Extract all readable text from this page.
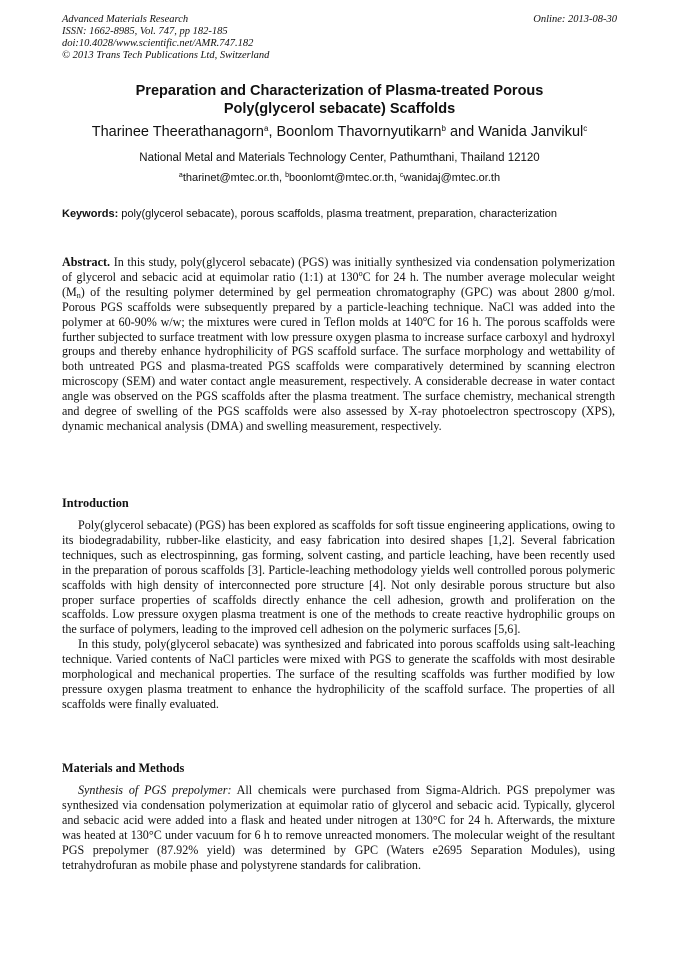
Advanced Materials Research
ISSN: 1662-8985, Vol. 747, pp 182-185
doi:10.4028/www.scientific.net/AMR.747.182
© 2013 Trans Tech Publications Ltd, Switzerland
Online: 2013-08-30
Preparation and Characterization of Plasma-treated Porous
Poly(glycerol sebacate) Scaffolds
Tharinee Theerathanagorn$^a$, Boonlom Thavornyutikarn$^b$ and Wanida Janvikul$^c$
National Metal and Materials Technology Center, Pathumthani, Thailand 12120
$^a$tharinet@mtec.or.th, $^b$boonlomt@mtec.or.th, $^c$wanidaj@mtec.or.th
Keywords: poly(glycerol sebacate), porous scaffolds, plasma treatment, preparation, characterization
Abstract. In this study, poly(glycerol sebacate) (PGS) was initially synthesized via condensation polymerization of glycerol and sebacic acid at equimolar ratio (1:1) at 130$^o$C for 24 h. The number average molecular weight $(M_n)$ of the resulting polymer determined by gel permeation chromatography (GPC) was about 2800 g/mol. Porous PGS scaffolds were subsequently prepared by a particle-leaching technique. NaCl was added into the polymer at 60-90% w/w; the mixtures were cured in Teflon molds at 140$^o$C for 16 h. The porous scaffolds were further subjected to surface treatment with low pressure oxygen plasma to increase surface carboxyl and hydroxyl groups and thereby enhance hydrophilicity of PGS scaffold surface. The surface morphology and wettability of both untreated PGS and plasma-treated PGS scaffolds were comparatively determined by scanning electron microscopy (SEM) and water contact angle measurement, respectively. A considerable decrease in water contact angle was observed on the PGS scaffolds after the plasma treatment. The surface chemistry, mechanical strength and degree of swelling of the PGS scaffolds were also assessed by X-ray photoelectron spectroscopy (XPS), dynamic mechanical analysis (DMA) and swelling measurement, respectively.
Introduction

Poly(glycerol sebacate) (PGS) has been explored as scaffolds for soft tissue engineering applications, owing to its biodegradability, rubber-like elasticity, and easy fabrication into desired shapes [1,2]. Several fabrication techniques, such as electrospinning, gas forming, solvent casting, and particle leaching, have been recently used in the preparation of porous scaffolds [3]. Particle-leaching methodology yields well controlled porous polymeric scaffolds with high density of interconnected pore structure [4]. Not only desirable porous structure but also proper surface properties of scaffolds directly enhance the cell adhesion, growth and proliferation on the scaffolds. Low pressure oxygen plasma treatment is one of the methods to create reactive hydrophilic groups on the surface of polymers, leading to the improved cell adhesion on the polymeric surfaces [5,6].

In this study, poly(glycerol sebacate) was synthesized and fabricated into porous scaffolds using salt-leaching technique. Varied contents of NaCl particles were mixed with PGS to generate the scaffolds with most desirable morphological and mechanical properties. The surface of the resulting scaffolds was further modified by low pressure oxygen plasma treatment to enhance the hydrophilicity of the scaffold surface. The properties of all scaffolds were finally evaluated.

Materials and Methods

Synthesis of PGS prepolymer: All chemicals were purchased from Sigma-Aldrich. PGS prepolymer was synthesized via condensation polymerization at equimolar ratio of glycerol and sebacic acid. Typically, glycerol and sebacic acid were added into a flask and heated under nitrogen at 130°C for 24 h. Afterwards, the mixture was heated at 130°C under vacuum for 6 h to remove unreacted monomers. The molecular weight of the resultant PGS prepolymer (87.92% yield) was determined by GPC (Waters e2695 Separation Modules), using tetrahydrofuran as mobile phase and polystyrene standards for calibration.
